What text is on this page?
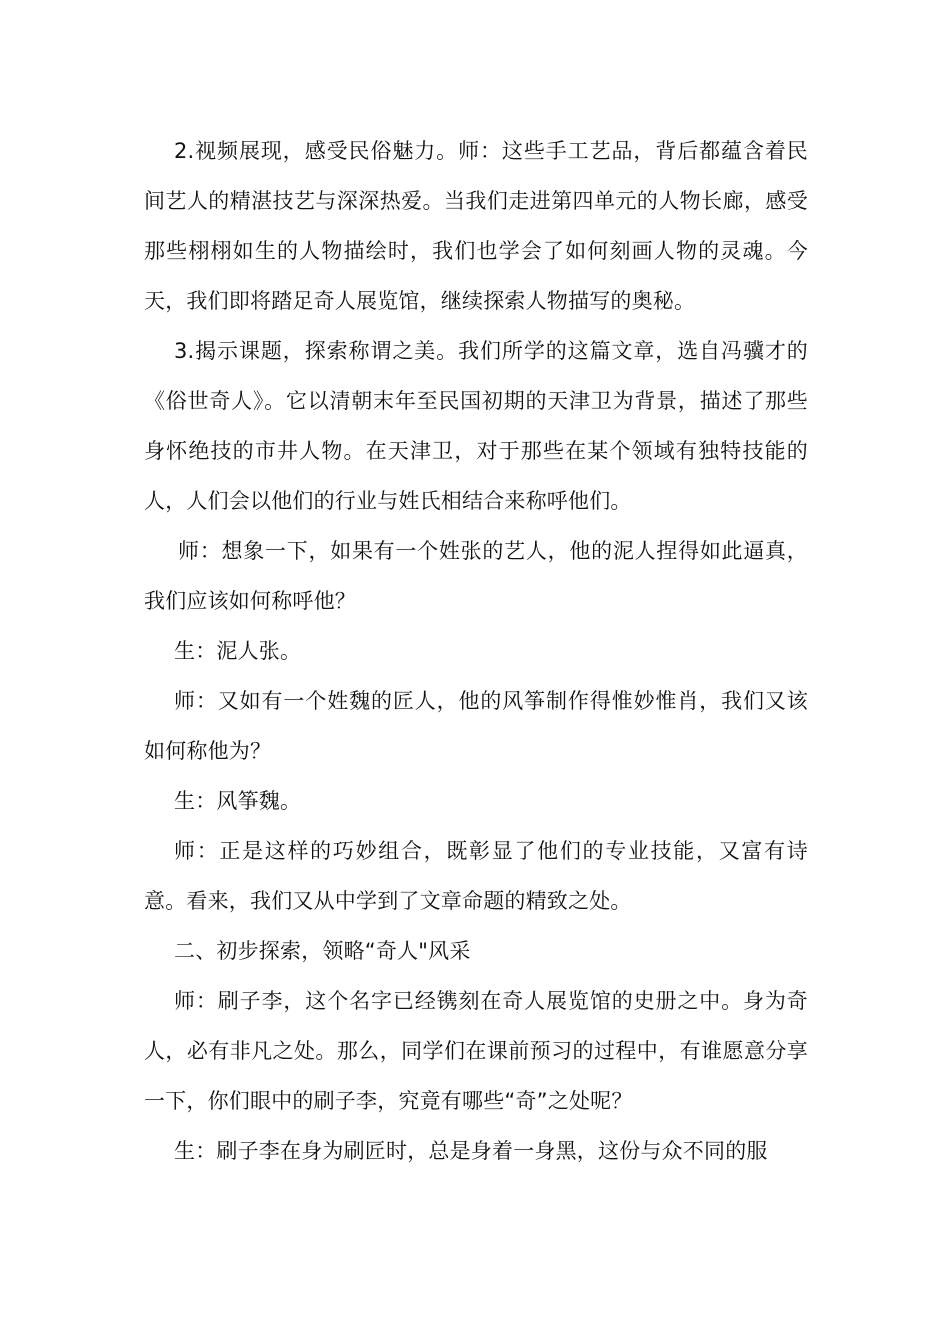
2.视频展现，感受民俗魅力。师：这些手工艺品，背后都蕴含着民间艺人的精湛技艺与深深热爱。当我们走进第四单元的人物长廊，感受那些栩栩如生的人物描绘时，我们也学会了如何刻画人物的灵魂。今天，我们即将踏足奇人展览馆，继续探索人物描写的奥秘。

3.揭示课题，探索称谓之美。我们所学的这篇文章，选自冯骥才的《俗世奇人》。它以清朝末年至民国初期的天津卫为背景，描述了那些身怀绝技的市井人物。在天津卫，对于那些在某个领域有独特技能的人，人们会以他们的行业与姓氏相结合来称呼他们。

师：想象一下，如果有一个姓张的艺人，他的泥人捏得如此逼真，我们应该如何称呼他？

生：泥人张。

师：又如有一个姓魏的匠人，他的风筝制作得惟妙惟肖，我们又该如何称他为？

生：风筝魏。

师：正是这样的巧妙组合，既彰显了他们的专业技能，又富有诗意。看来，我们又从中学到了文章命题的精致之处。

二、初步探索，领略“奇人"风采

师：刷子李，这个名字已经镌刻在奇人展览馆的史册之中。身为奇人，必有非凡之处。那么，同学们在课前预习的过程中，有谁愿意分享一下，你们眼中的刷子李，究竟有哪些“奇”之处呢？

生：刷子李在身为刷匠时，总是身着一身黑，这份与众不同的服
